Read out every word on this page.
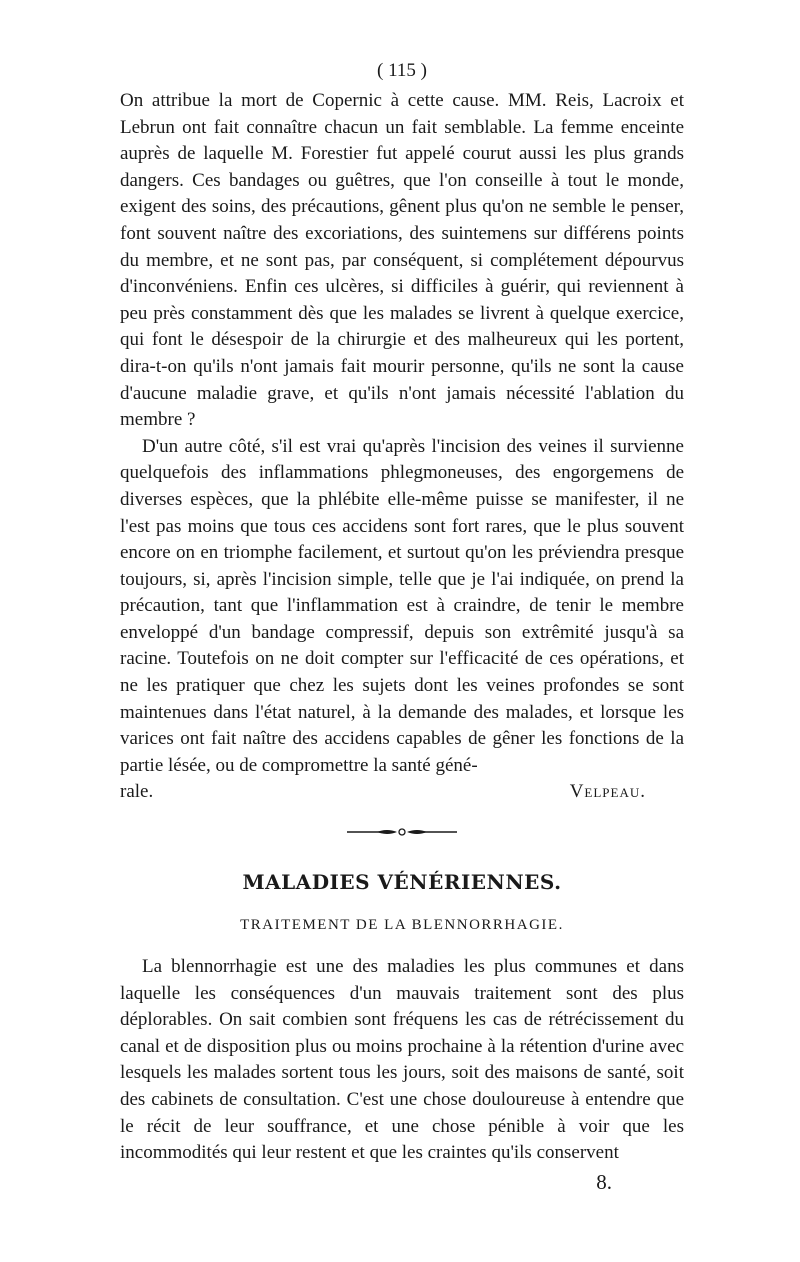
( 115 )

On attribue la mort de Copernic à cette cause. MM. Reis, Lacroix et Lebrun ont fait connaître chacun un fait semblable. La femme enceinte auprès de laquelle M. Forestier fut appelé courut aussi les plus grands dangers. Ces bandages ou guêtres, que l'on conseille à tout le monde, exigent des soins, des précautions, gênent plus qu'on ne semble le penser, font souvent naître des excoriations, des suintemens sur différens points du membre, et ne sont pas, par conséquent, si complétement dépourvus d'inconvéniens. Enfin ces ulcères, si difficiles à guérir, qui reviennent à peu près constamment dès que les malades se livrent à quelque exercice, qui font le désespoir de la chirurgie et des malheureux qui les portent, dira-t-on qu'ils n'ont jamais fait mourir personne, qu'ils ne sont la cause d'aucune maladie grave, et qu'ils n'ont jamais nécessité l'ablation du membre ?

D'un autre côté, s'il est vrai qu'après l'incision des veines il survienne quelquefois des inflammations phlegmoneuses, des engorgemens de diverses espèces, que la phlébite elle-même puisse se manifester, il ne l'est pas moins que tous ces accidens sont fort rares, que le plus souvent encore on en triomphe facilement, et surtout qu'on les préviendra presque toujours, si, après l'incision simple, telle que je l'ai indiquée, on prend la précaution, tant que l'inflammation est à craindre, de tenir le membre enveloppé d'un bandage compressif, depuis son extrêmité jusqu'à sa racine. Toutefois on ne doit compter sur l'efficacité de ces opérations, et ne les pratiquer que chez les sujets dont les veines profondes se sont maintenues dans l'état naturel, à la demande des malades, et lorsque les varices ont fait naître des accidens capables de gêner les fonctions de la partie lésée, ou de compromettre la santé géné-

rale.	Velpeau.
MALADIES VÉNÉRIENNES.
TRAITEMENT DE LA BLENNORRHAGIE.

La blennorrhagie est une des maladies les plus communes et dans laquelle les conséquences d'un mauvais traitement sont des plus déplorables. On sait combien sont fréquens les cas de rétrécissement du canal et de disposition plus ou moins prochaine à la rétention d'urine avec lesquels les malades sortent tous les jours, soit des maisons de santé, soit des cabinets de consultation. C'est une chose douloureuse à entendre que le récit de leur souffrance, et une chose pénible à voir que les incommodités qui leur restent et que les craintes qu'ils conservent

8.
